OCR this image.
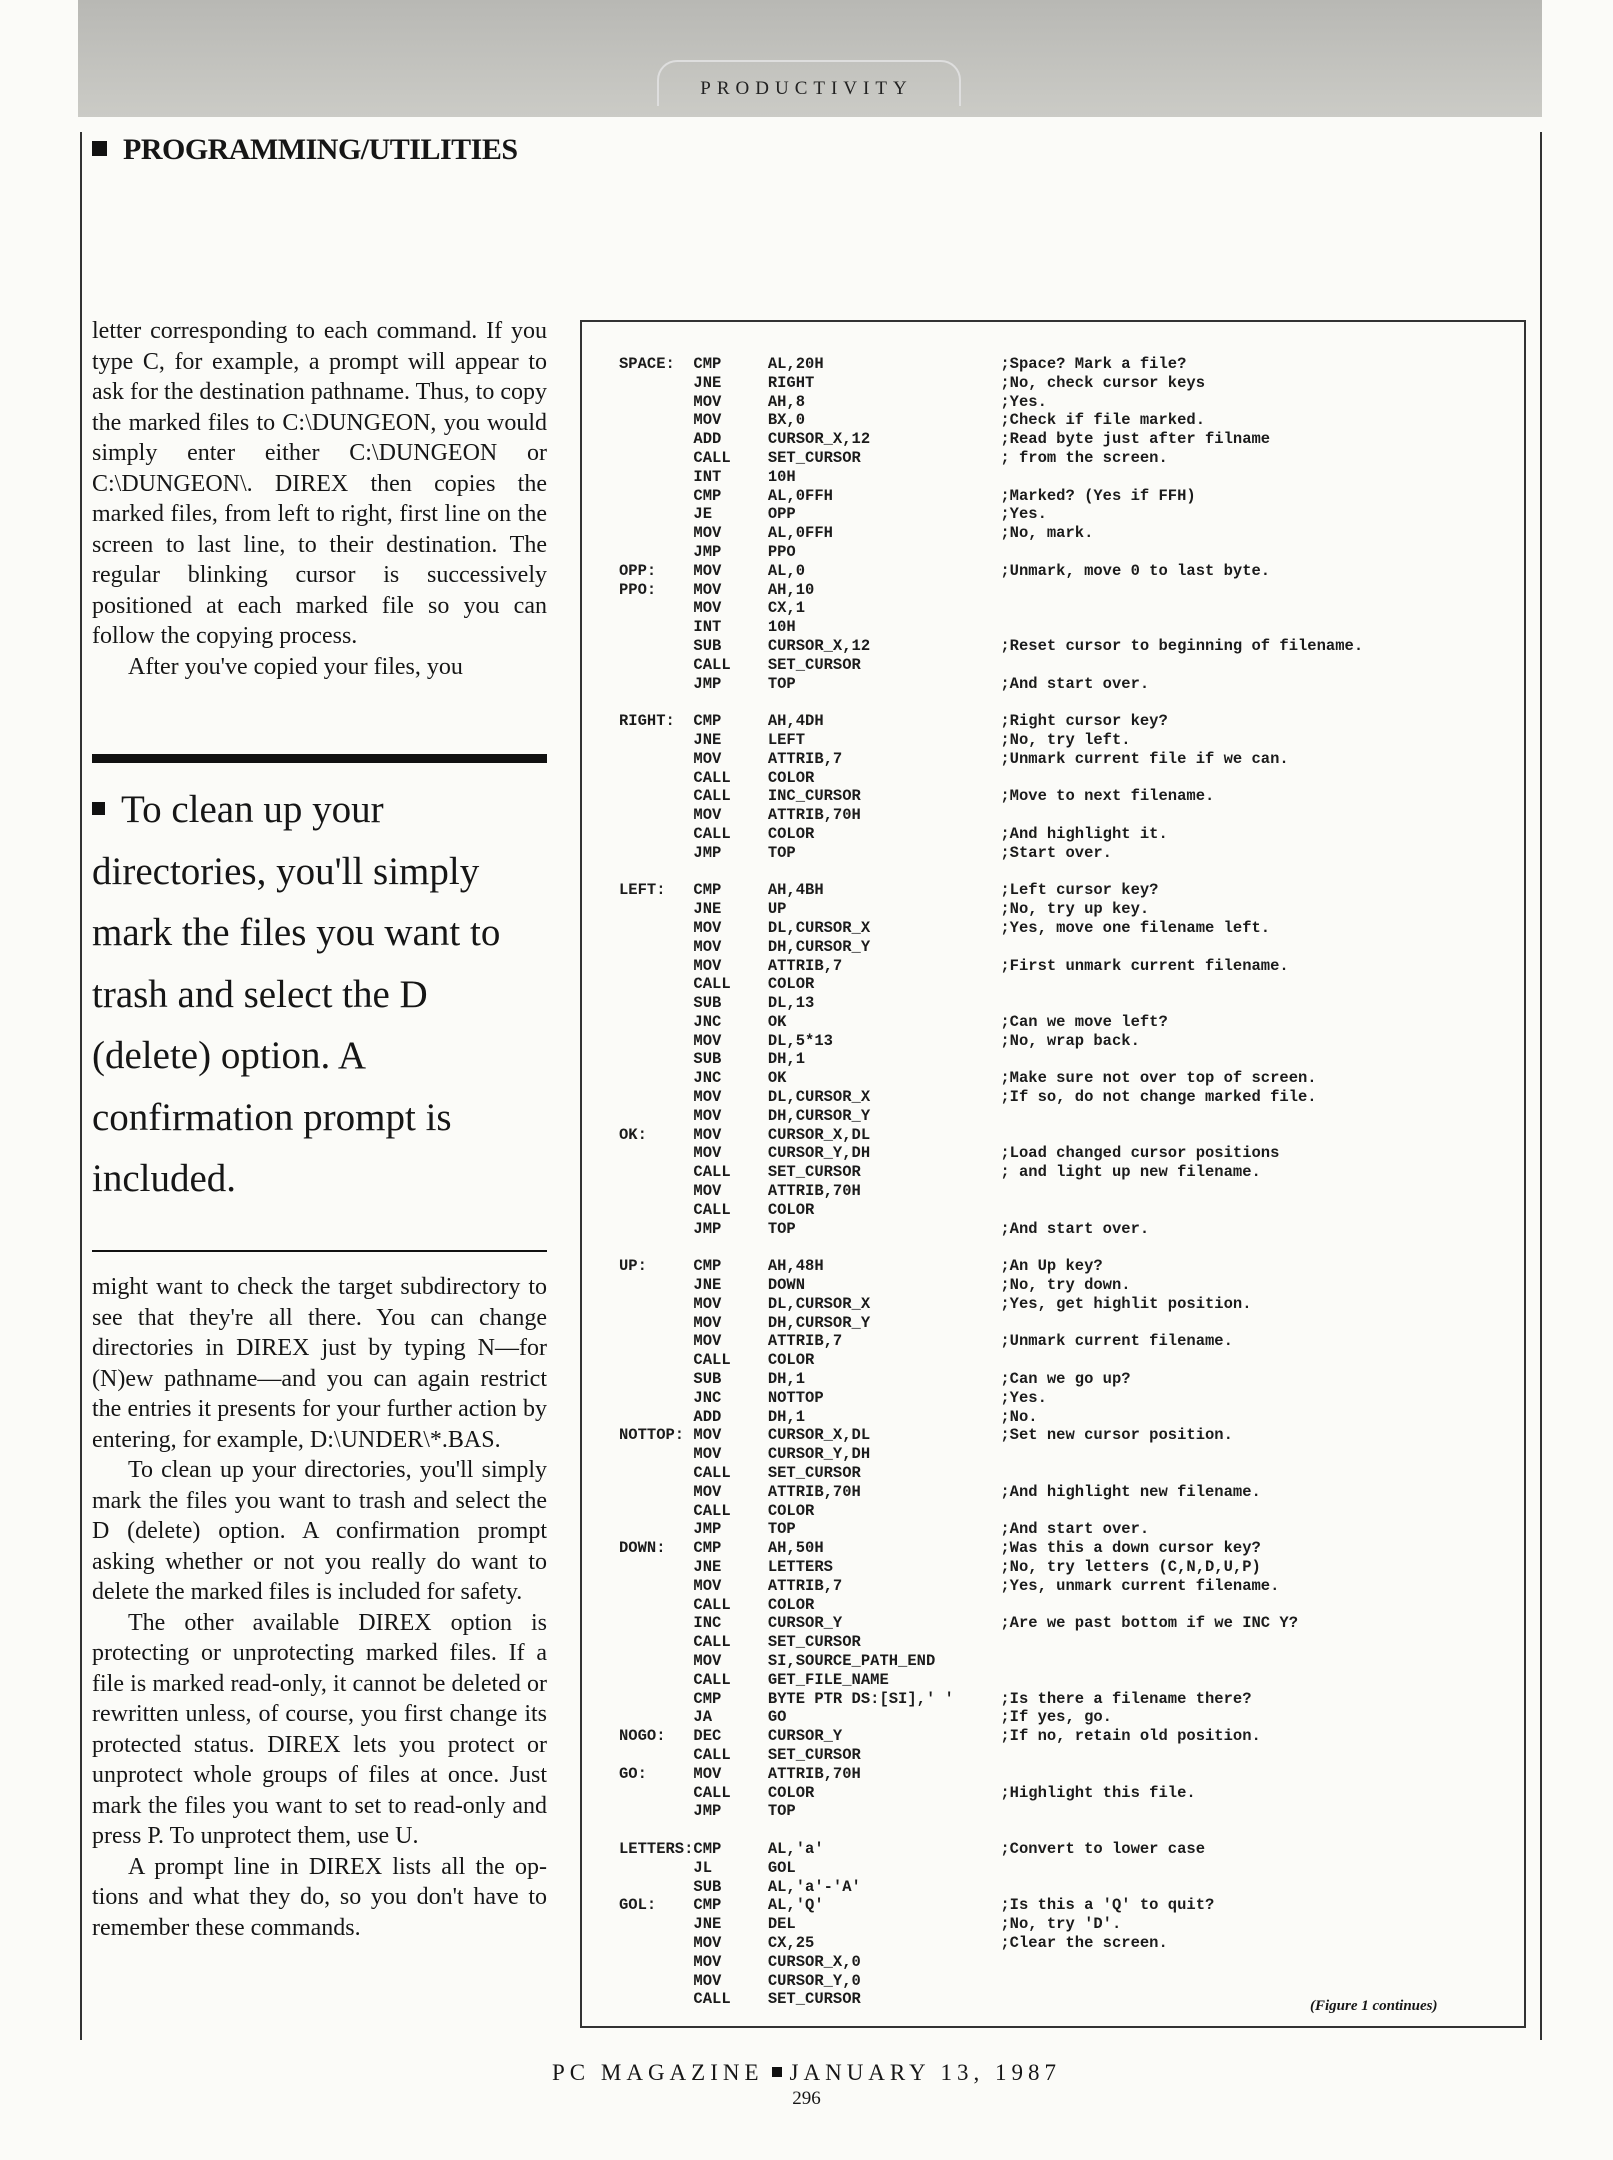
PRODUCTIVITY
PROGRAMMING/UTILITIES

letter corresponding to each command. If you type C, for example, a prompt will appear to ask for the destination pathname. Thus, to copy the marked files to C:\DUNGEON, you would simply enter either C:\DUNGEON or C:\DUNGEON\. DIREX then copies the marked files, from left to right, first line on the screen to last line, to their destination. The regular blinking cursor is successively positioned at each marked file so you can follow the copying process.

After you've copied your files, you

To clean up your directories, you'll simply mark the files you want to trash and select the D (delete) option. A confirmation prompt is included.

might want to check the target subdirectory to see that they're all there. You can change directories in DIREX just by typing N—for (N)ew pathname—and you can again restrict the entries it presents for your further action by entering, for example, D:\UNDER\*.BAS.

To clean up your directories, you'll simply mark the files you want to trash and select the D (delete) option. A confirmation prompt asking whether or not you really do want to delete the marked files is included for safety.

The other available DIREX option is protecting or unprotecting marked files. If a file is marked read-only, it cannot be deleted or rewritten unless, of course, you first change its protected status. DIREX lets you protect or unprotect whole groups of files at once. Just mark the files you want to set to read-only and press P. To unprotect them, use U.

A prompt line in DIREX lists all the options and what they do, so you don't have to remember these commands.

SPACE:  CMP     AL,20H                   ;Space? Mark a file?
JNE     RIGHT                    ;No, check cursor keys
MOV     AH,8                     ;Yes.
MOV     BX,0                     ;Check if file marked.
ADD     CURSOR_X,12              ;Read byte just after filname
CALL    SET_CURSOR               ; from the screen.
INT     10H
CMP     AL,0FFH                  ;Marked? (Yes if FFH)
JE      OPP                      ;Yes.
MOV     AL,0FFH                  ;No, mark.
JMP     PPO
OPP:    MOV     AL,0                     ;Unmark, move 0 to last byte.
PPO:    MOV     AH,10
MOV     CX,1
INT     10H
SUB     CURSOR_X,12              ;Reset cursor to beginning of filename.
CALL    SET_CURSOR
JMP     TOP                      ;And start over.

RIGHT:  CMP     AH,4DH                   ;Right cursor key?
JNE     LEFT                     ;No, try left.
MOV     ATTRIB,7                 ;Unmark current file if we can.
CALL    COLOR
CALL    INC_CURSOR               ;Move to next filename.
MOV     ATTRIB,70H
CALL    COLOR                    ;And highlight it.
JMP     TOP                      ;Start over.

LEFT:   CMP     AH,4BH                   ;Left cursor key?
JNE     UP                       ;No, try up key.
MOV     DL,CURSOR_X              ;Yes, move one filename left.
MOV     DH,CURSOR_Y
MOV     ATTRIB,7                 ;First unmark current filename.
CALL    COLOR
SUB     DL,13
JNC     OK                       ;Can we move left?
MOV     DL,5*13                  ;No, wrap back.
SUB     DH,1
JNC     OK                       ;Make sure not over top of screen.
MOV     DL,CURSOR_X              ;If so, do not change marked file.
MOV     DH,CURSOR_Y
OK:     MOV     CURSOR_X,DL
MOV     CURSOR_Y,DH              ;Load changed cursor positions
CALL    SET_CURSOR               ; and light up new filename.
MOV     ATTRIB,70H
CALL    COLOR
JMP     TOP                      ;And start over.

UP:     CMP     AH,48H                   ;An Up key?
JNE     DOWN                     ;No, try down.
MOV     DL,CURSOR_X              ;Yes, get highlit position.
MOV     DH,CURSOR_Y
MOV     ATTRIB,7                 ;Unmark current filename.
CALL    COLOR
SUB     DH,1                     ;Can we go up?
JNC     NOTTOP                   ;Yes.
ADD     DH,1                     ;No.
NOTTOP: MOV     CURSOR_X,DL              ;Set new cursor position.
MOV     CURSOR_Y,DH
CALL    SET_CURSOR
MOV     ATTRIB,70H               ;And highlight new filename.
CALL    COLOR
JMP     TOP                      ;And start over.
DOWN:   CMP     AH,50H                   ;Was this a down cursor key?
JNE     LETTERS                  ;No, try letters (C,N,D,U,P)
MOV     ATTRIB,7                 ;Yes, unmark current filename.
CALL    COLOR
INC     CURSOR_Y                 ;Are we past bottom if we INC Y?
CALL    SET_CURSOR
MOV     SI,SOURCE_PATH_END
CALL    GET_FILE_NAME
CMP     BYTE PTR DS:[SI],' '     ;Is there a filename there?
JA      GO                       ;If yes, go.
NOGO:   DEC     CURSOR_Y                 ;If no, retain old position.
CALL    SET_CURSOR
GO:     MOV     ATTRIB,70H
CALL    COLOR                    ;Highlight this file.
JMP     TOP

LETTERS:CMP     AL,'a'                   ;Convert to lower case
JL      GOL
SUB     AL,'a'-'A'
GOL:    CMP     AL,'Q'                   ;Is this a 'Q' to quit?
JNE     DEL                      ;No, try 'D'.
MOV     CX,25                    ;Clear the screen.
MOV     CURSOR_X,0
MOV     CURSOR_Y,0
CALL    SET_CURSOR	(Figure 1 continues)
PC MAGAZINE JANUARY 13, 1987
296
